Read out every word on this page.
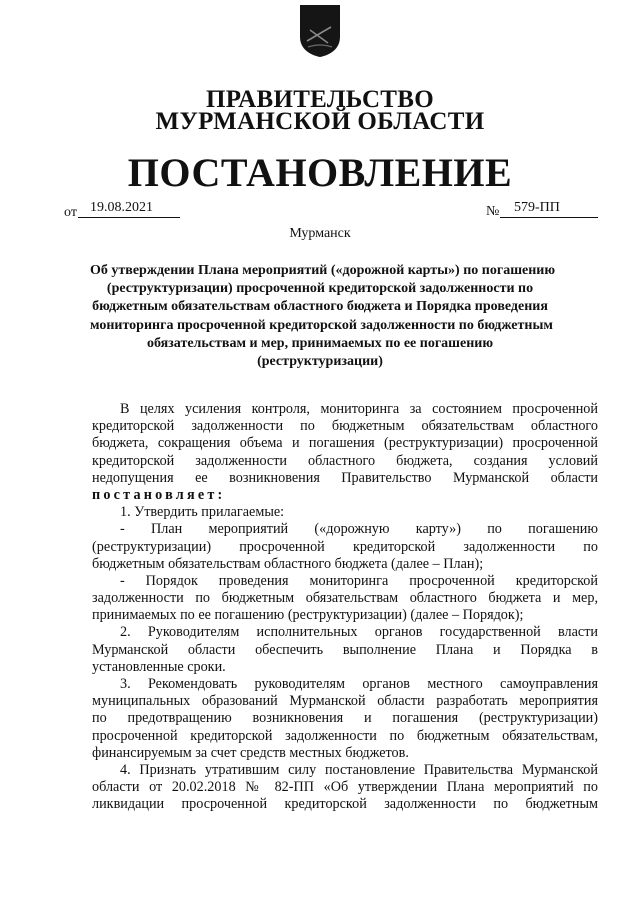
ПРАВИТЕЛЬСТВО
МУРМАНСКОЙ ОБЛАСТИ
ПОСТАНОВЛЕНИЕ
от 19.08.2021	№	579-ПП
Мурманск
Об утверждении Плана мероприятий («дорожной карты») по погашению
(реструктуризации) просроченной кредиторской задолженности по
бюджетным обязательствам областного бюджета и Порядка проведения
мониторинга просроченной кредиторской задолженности по бюджетным
обязательствам и мер, принимаемых по ее погашению
(реструктуризации)
В целях усиления контроля, мониторинга за состоянием просроченной
кредиторской задолженности по бюджетным обязательствам областного
бюджета, сокращения объема и погашения (реструктуризации) просроченной
кредиторской задолженности областного бюджета, создания условий
недопущения ее возникновения Правительство Мурманской области
постановляет:
1. Утвердить прилагаемые:
- План мероприятий («дорожную карту») по погашению
(реструктуризации) просроченной кредиторской задолженности по
бюджетным обязательствам областного бюджета (далее – План);
- Порядок проведения мониторинга просроченной кредиторской
задолженности по бюджетным обязательствам областного бюджета и мер,
принимаемых по ее погашению (реструктуризации) (далее – Порядок);
2. Руководителям исполнительных органов государственной власти
Мурманской области обеспечить выполнение Плана и Порядка в
установленные сроки.
3. Рекомендовать руководителям органов местного самоуправления
муниципальных образований Мурманской области разработать мероприятия
по предотвращению возникновения и погашения (реструктуризации)
просроченной кредиторской задолженности по бюджетным обязательствам,
финансируемым за счет средств местных бюджетов.
4. Признать утратившим силу постановление Правительства Мурманской
области от 20.02.2018 № 82-ПП «Об утверждении Плана мероприятий по
ликвидации просроченной кредиторской задолженности по бюджетным
